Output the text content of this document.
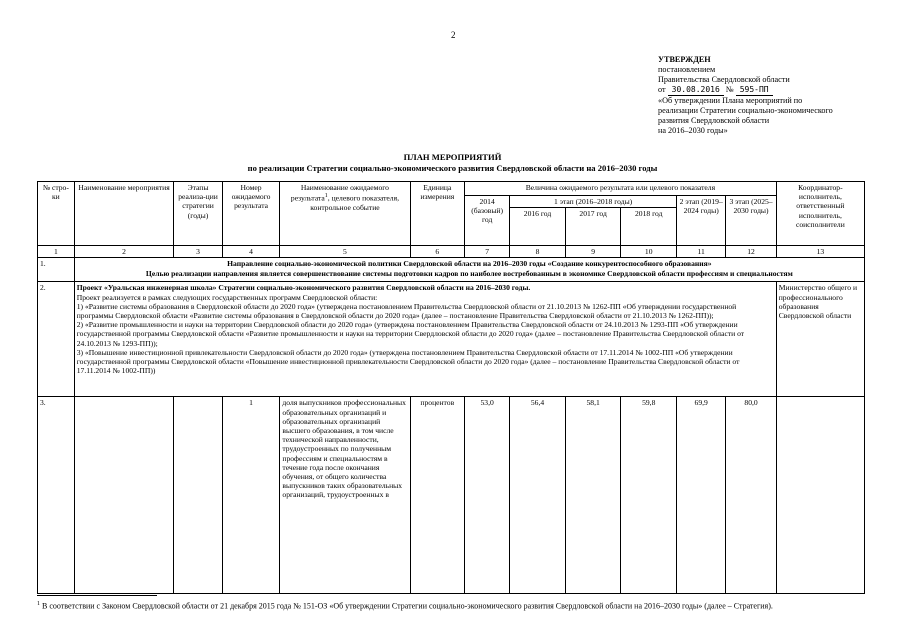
2
УТВЕРЖДЕН
постановлением
Правительства Свердловской области
от 30.08.2016 № 595-ПП
«Об утверждении Плана мероприятий по
реализации Стратегии социально-экономического
развития Свердловской области
на 2016–2030 годы»
ПЛАН МЕРОПРИЯТИЙ
по реализации Стратегии социально-экономического развития Свердловской области на 2016–2030 годы
№ стро-ки	Наименование мероприятия	Этапы реализа-ции стратегии (годы)	Номер ожидаемого результата	Наименование ожидаемого результата$^1$, целевого показателя, контрольное событие	Единица измерения	Величина ожидаемого результата или целевого показателя						Координатор-исполнитель, ответственный исполнитель, соисполнители
						2014 (базовый) год	1 этап (2016–2018 годы)			2 этап (2019–2024 годы)	3 этап (2025–2030 годы)	
							2016 год	2017 год	2018 год			
1	2	3	4	5	6	7	8	9	10	11	12	13
1.	Направление социально-экономической политики Свердловской области на 2016–2030 годы «Создание конкурентоспособного образования»
Целью реализации направления является совершенствование системы подготовки кадров по наиболее востребованным в экономике Свердловской области профессиям и специальностям											

2.	Проект «Уральская инженерная школа» Стратегии социально-экономического развития Свердловской области на 2016–2030 годы.
Проект реализуется в рамках следующих государственных программ Свердловской области:
1) «Развитие системы образования в Свердловской области до 2020 года» (утверждена постановлением Правительства Свердловской области от 21.10.2013 № 1262-ПП «Об утверждении государственной программы Свердловской области «Развитие системы образования в Свердловской области до 2020 года» (далее – постановление Правительства Свердловской области от 21.10.2013 № 1262-ПП));
2) «Развитие промышленности и науки на территории Свердловской области до 2020 года» (утверждена постановлением Правительства Свердловской области от 24.10.2013 № 1293-ПП «Об утверждении государственной программы Свердловской области «Развитие промышленности и науки на территории Свердловской области до 2020 года» (далее – постановление Правительства Свердловской области от 24.10.2013 № 1293-ПП));
3) «Повышение инвестиционной привлекательности Свердловской области до 2020 года» (утверждена постановлением Правительства Свердловской области от 17.11.2014 № 1002-ПП «Об утверждении государственной программы Свердловской области «Повышение инвестиционной привлекательности Свердловской области до 2020 года» (далее – постановление Правительства Свердловской области от 17.11.2014 № 1002-ПП))											Министерство общего и профессионального образования Свердловской области
3.			1	доля выпускников профессиональных образовательных организаций и образовательных организаций высшего образования, в том числе технической направленности, трудоустроенных по полученным профессиям и специальностям в течение года после окончания обучения, от общего количества выпускников таких образовательных организаций, трудоустроенных в	процентов	53,0	56,4	58,1	59,8	69,9	80,0	
$^1$ В соответствии с Законом Свердловской области от 21 декабря 2015 года № 151-ОЗ «Об утверждении Стратегии социально-экономического развития Свердловской области на 2016–2030 годы» (далее – Стратегия).
